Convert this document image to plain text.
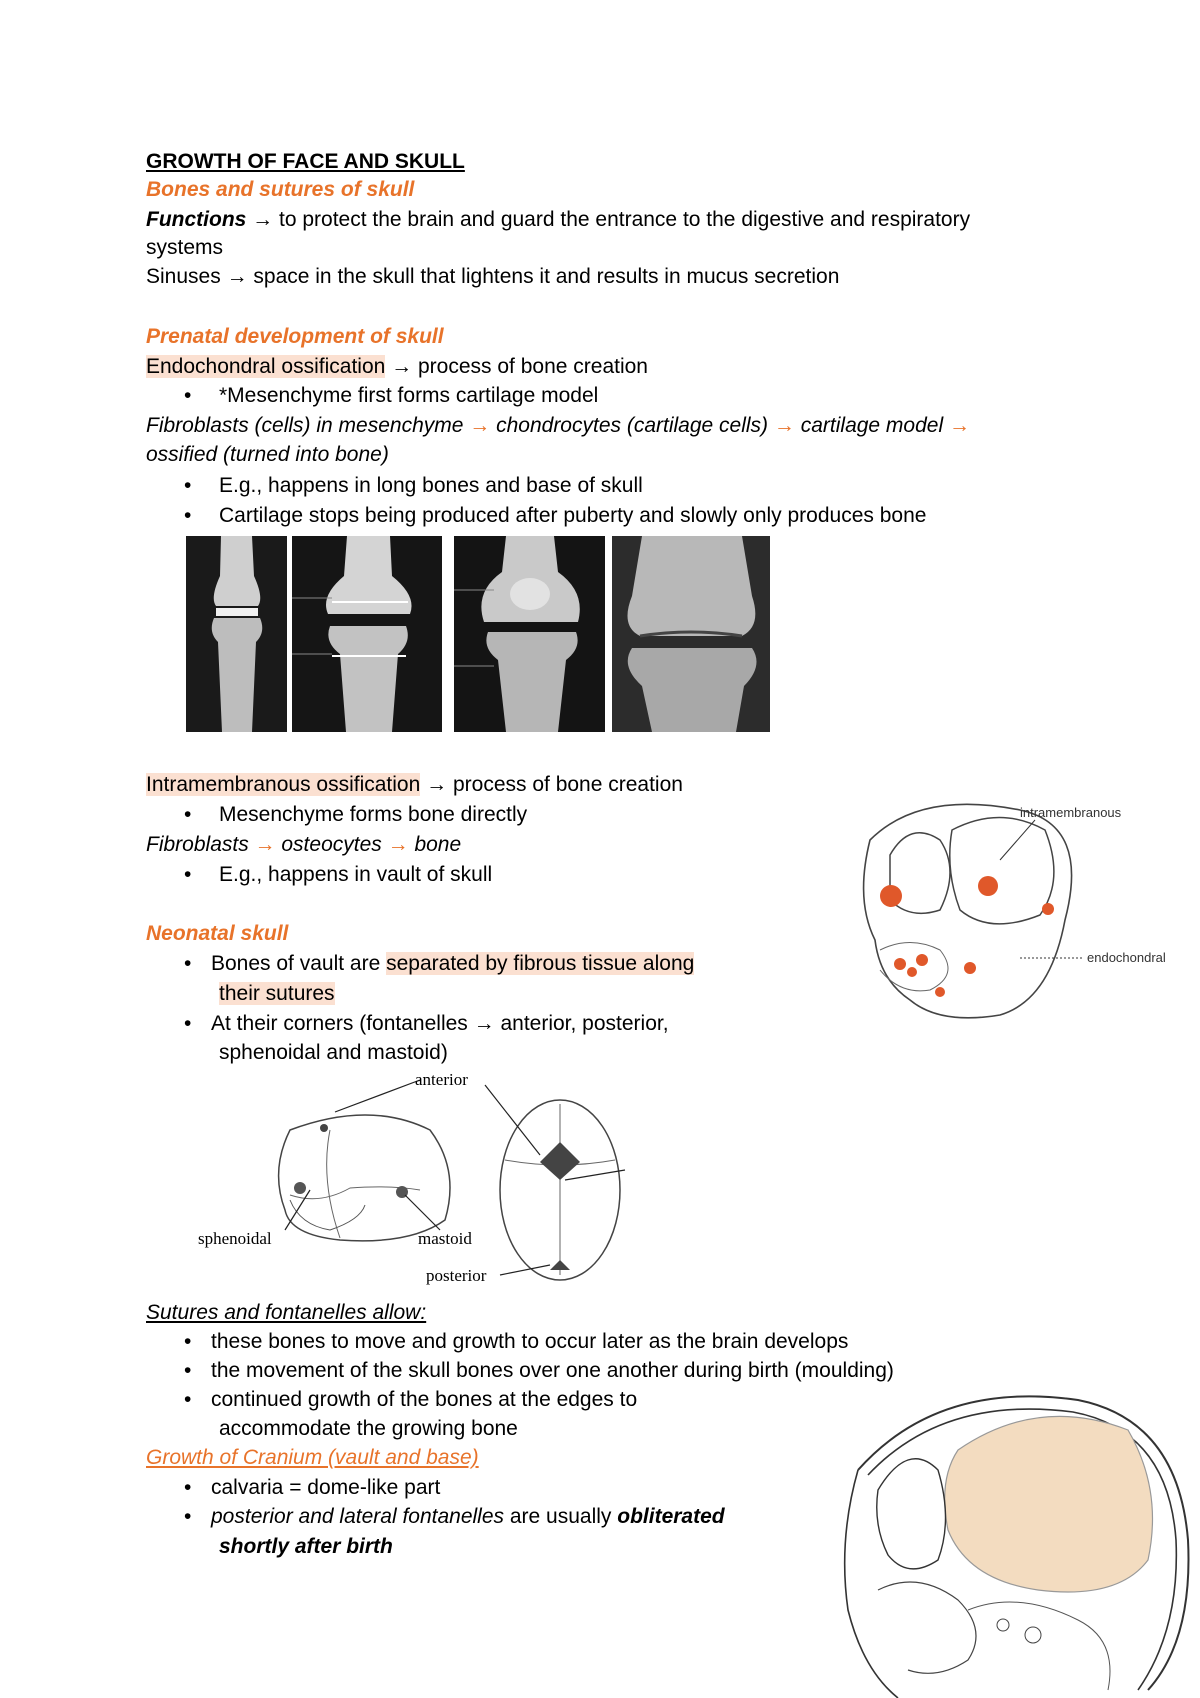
GROWTH OF FACE AND SKULL
Bones and sutures of skull
Functions → to protect the brain and guard the entrance to the digestive and respiratory
systems
Sinuses → space in the skull that lightens it and results in mucus secretion
Prenatal development of skull
Endochondral ossification → process of bone creation
• *Mesenchyme first forms cartilage model
Fibroblasts (cells) in mesenchyme → chondrocytes (cartilage cells) → cartilage model →
ossified (turned into bone)
• E.g., happens in long bones and base of skull
• Cartilage stops being produced after puberty and slowly only produces bone
Intramembranous ossification → process of bone creation
• Mesenchyme forms bone directly
Fibroblasts → osteocytes → bone
• E.g., happens in vault of skull
intramembranous
endochondral
Neonatal skull
• Bones of vault are separated by fibrous tissue along
their sutures
• At their corners (fontanelles → anterior, posterior,
sphenoidal and mastoid)
anterior
sphenoidal	mastoid
posterior
Sutures and fontanelles allow:
• these bones to move and growth to occur later as the brain develops
• the movement of the skull bones over one another during birth (moulding)
• continued growth of the bones at the edges to
accommodate the growing bone
Growth of Cranium (vault and base)
• calvaria = dome-like part
• posterior and lateral fontanelles are usually obliterated
shortly after birth
